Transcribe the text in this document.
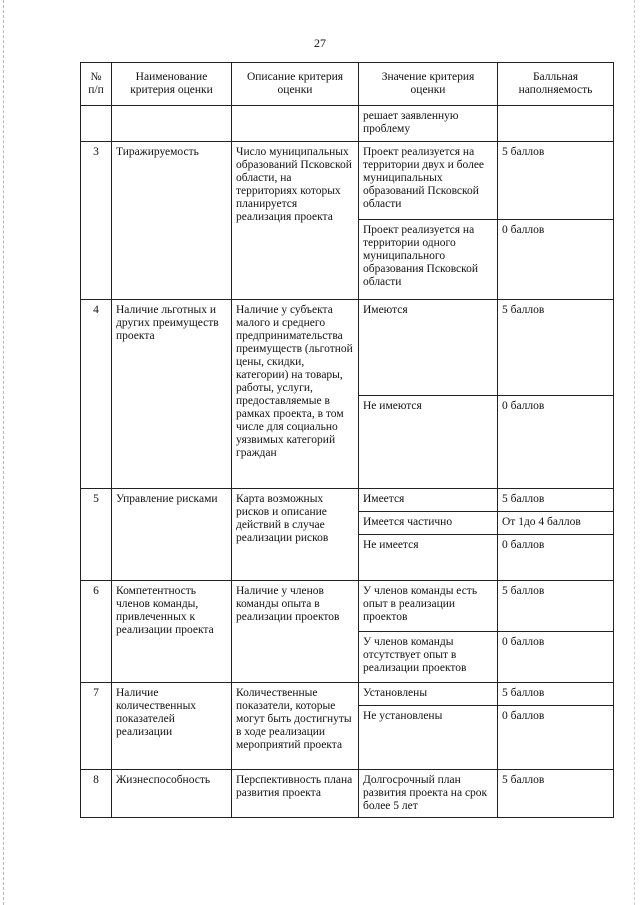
27
№ п/п	Наименование критерия оценки	Описание критерия оценки	Значение критерия оценки	Балльная наполняемость
			решает заявленную проблему	
3	Тиражируемость	Число муниципальных образований Псковской области, на территориях которых планируется реализация проекта	Проект реализуется на территории двух и более муниципальных образований Псковской области	5 баллов
			Проект реализуется на территории одного муниципального образования Псковской области	0 баллов
4	Наличие льготных и других преимуществ проекта	Наличие у субъекта малого и среднего предпринимательства преимуществ (льготной цены, скидки, категории) на товары, работы, услуги, предоставляемые в рамках проекта, в том числе для социально уязвимых категорий граждан	Имеются	5 баллов
			Не имеются	0 баллов
5	Управление рисками	Карта возможных рисков и описание действий в случае реализации рисков	Имеется	5 баллов
			Имеется частично	От 1до 4 баллов
			Не имеется	0 баллов
6	Компетентность членов команды, привлеченных к реализации проекта	Наличие у членов команды опыта в реализации проектов	У членов команды есть опыт в реализации проектов	5 баллов
			У членов команды отсутствует опыт в реализации проектов	0 баллов
7	Наличие количественных показателей реализации	Количественные показатели, которые могут быть достигнуты в ходе реализации мероприятий проекта	Установлены	5 баллов
			Не установлены	0 баллов
8	Жизнеспособность	Перспективность плана развития проекта	Долгосрочный план развития проекта на срок более 5 лет	5 баллов
